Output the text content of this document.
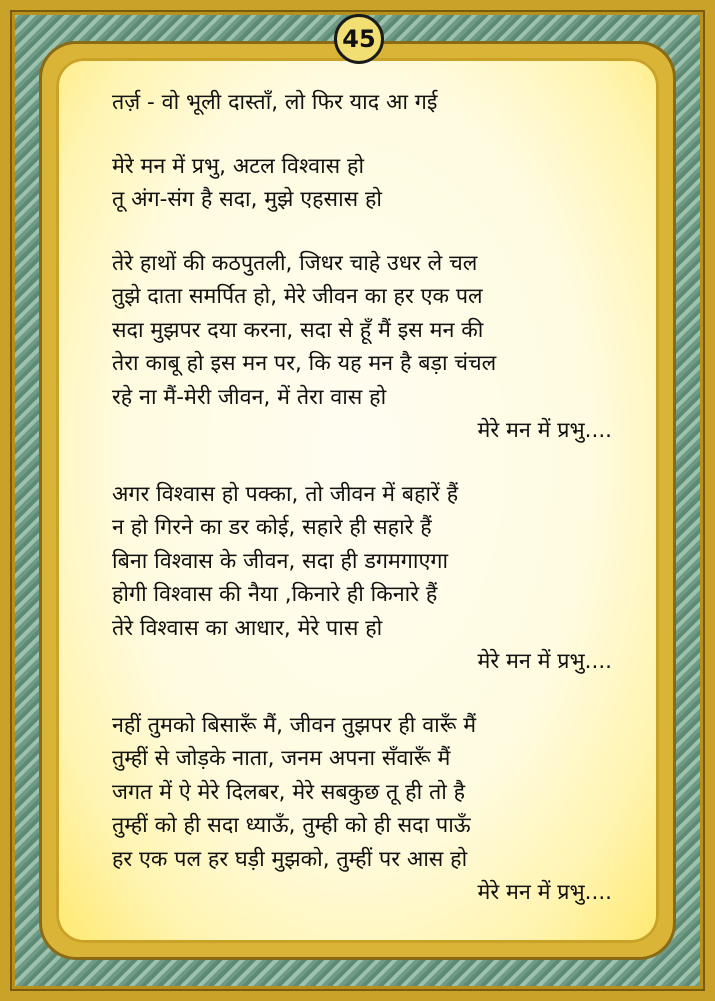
45
तर्ज़ - वो भूली दास्ताँ, लो फिर याद आ गई
मेरे मन में प्रभु, अटल विश्वास हो
तू अंग-संग है सदा, मुझे एहसास हो
तेरे हाथों की कठपुतली, जिधर चाहे उधर ले चल
तुझे दाता समर्पित हो, मेरे जीवन का हर एक पल
सदा मुझपर दया करना, सदा से हूँ मैं इस मन की
तेरा काबू हो इस मन पर, कि यह मन है बड़ा चंचल
रहे ना मैं-मेरी जीवन, में तेरा वास हो
मेरे मन में प्रभु....
अगर विश्वास हो पक्का, तो जीवन में बहारें हैं
न हो गिरने का डर कोई, सहारे ही सहारे हैं
बिना विश्वास के जीवन, सदा ही डगमगाएगा
होगी विश्वास की नैया ,किनारे ही किनारे हैं
तेरे विश्वास का आधार, मेरे पास हो
मेरे मन में प्रभु....
नहीं तुमको बिसारूँ मैं, जीवन तुझपर ही वारूँ मैं
तुम्हीं से जोड़के नाता, जनम अपना सँवारूँ मैं
जगत में ऐ मेरे दिलबर, मेरे सबकुछ तू ही तो है
तुम्हीं को ही सदा ध्याऊँ, तुम्ही को ही सदा पाऊँ
हर एक पल हर घड़ी मुझको, तुम्हीं पर आस हो
मेरे मन में प्रभु....
